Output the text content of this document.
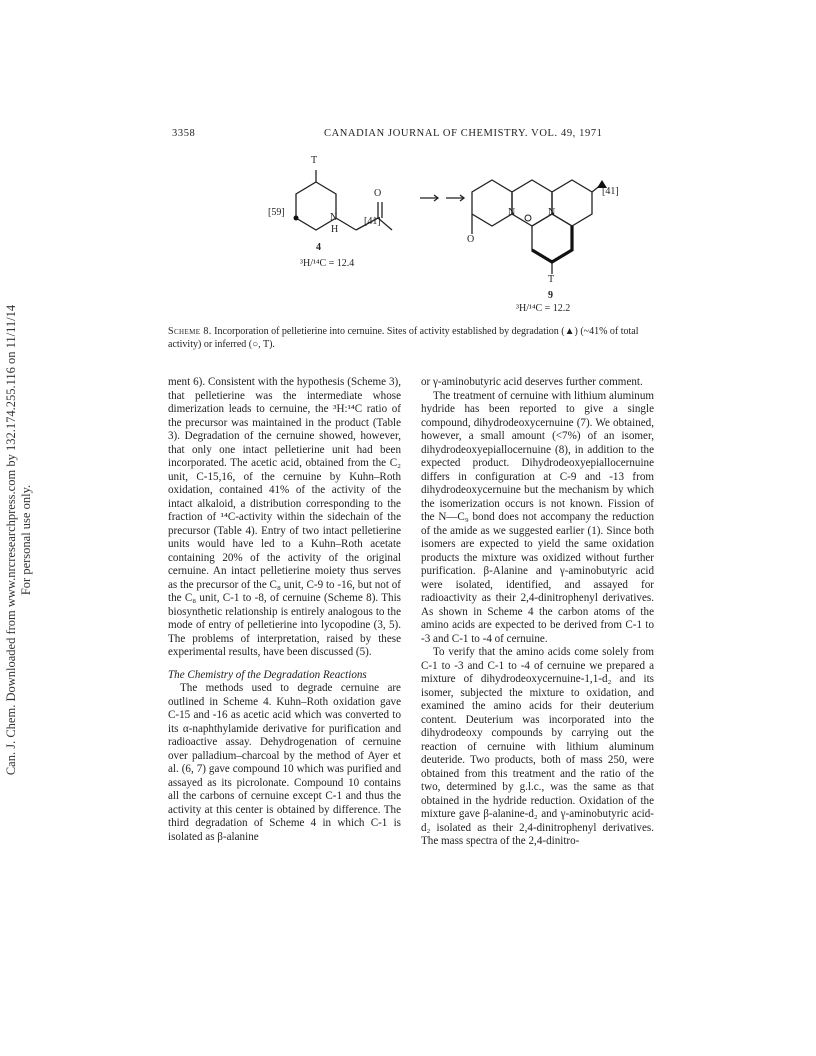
Can. J. Chem. Downloaded from www.nrcresearchpress.com by 132.174.255.116 on 11/11/14 For personal use only.
3358	CANADIAN JOURNAL OF CHEMISTRY. VOL. 49, 1971
T
[59]	N
H
O
[41]
4
³H/¹⁴C = 12.4
[41]
N	N
O
T
9
³H/¹⁴C = 12.2
Scheme 8. Incorporation of pelletierine into cernuine. Sites of activity established by degradation (▲) (~41% of total activity) or inferred (○, T).

ment 6). Consistent with the hypothesis (Scheme 3), that pelletierine was the intermediate whose dimerization leads to cernuine, the ³H:¹⁴C ratio of the precursor was maintained in the product (Table 3). Degradation of the cernuine showed, however, that only one intact pelletierine unit had been incorporated. The acetic acid, obtained from the C₂ unit, C-15,16, of the cernuine by Kuhn–Roth oxidation, contained 41% of the activity of the intact alkaloid, a distribution corresponding to the fraction of ¹⁴C-activity within the sidechain of the precursor (Table 4). Entry of two intact pelletierine units would have led to a Kuhn–Roth acetate containing 20% of the activity of the original cernuine. An intact pelletierine moiety thus serves as the precursor of the C₈ unit, C-9 to -16, but not of the C₈ unit, C-1 to -8, of cernuine (Scheme 8). This biosynthetic relationship is entirely analogous to the mode of entry of pelletierine into lycopodine (3, 5). The problems of interpretation, raised by these experimental results, have been discussed (5).

The Chemistry of the Degradation Reactions

The methods used to degrade cernuine are outlined in Scheme 4. Kuhn–Roth oxidation gave C-15 and -16 as acetic acid which was converted to its α-naphthylamide derivative for purification and radioactive assay. Dehydrogenation of cernuine over palladium–charcoal by the method of Ayer et al. (6, 7) gave compound 10 which was purified and assayed as its picrolonate. Compound 10 contains all the carbons of cernuine except C-1 and thus the activity at this center is obtained by difference. The third degradation of Scheme 4 in which C-1 is isolated as β-alanine

or γ-aminobutyric acid deserves further comment.

The treatment of cernuine with lithium aluminum hydride has been reported to give a single compound, dihydrodeoxycernuine (7). We obtained, however, a small amount (<7%) of an isomer, dihydrodeoxyepiallocernuine (8), in addition to the expected product. Dihydrodeoxyepiallocernuine differs in configuration at C-9 and -13 from dihydrodeoxycernuine but the mechanism by which the isomerization occurs is not known. Fission of the N—C₉ bond does not accompany the reduction of the amide as we suggested earlier (1). Since both isomers are expected to yield the same oxidation products the mixture was oxidized without further purification. β-Alanine and γ-aminobutyric acid were isolated, identified, and assayed for radioactivity as their 2,4-dinitrophenyl derivatives. As shown in Scheme 4 the carbon atoms of the amino acids are expected to be derived from C-1 to -3 and C-1 to -4 of cernuine.

To verify that the amino acids come solely from C-1 to -3 and C-1 to -4 of cernuine we prepared a mixture of dihydrodeoxycernuine-1,1-d₂ and its isomer, subjected the mixture to oxidation, and examined the amino acids for their deuterium content. Deuterium was incorporated into the dihydrodeoxy compounds by carrying out the reaction of cernuine with lithium aluminum deuteride. Two products, both of mass 250, were obtained from this treatment and the ratio of the two, determined by g.l.c., was the same as that obtained in the hydride reduction. Oxidation of the mixture gave β-alanine-d₂ and γ-aminobutyric acid-d₂ isolated as their 2,4-dinitrophenyl derivatives. The mass spectra of the 2,4-dinitro-
